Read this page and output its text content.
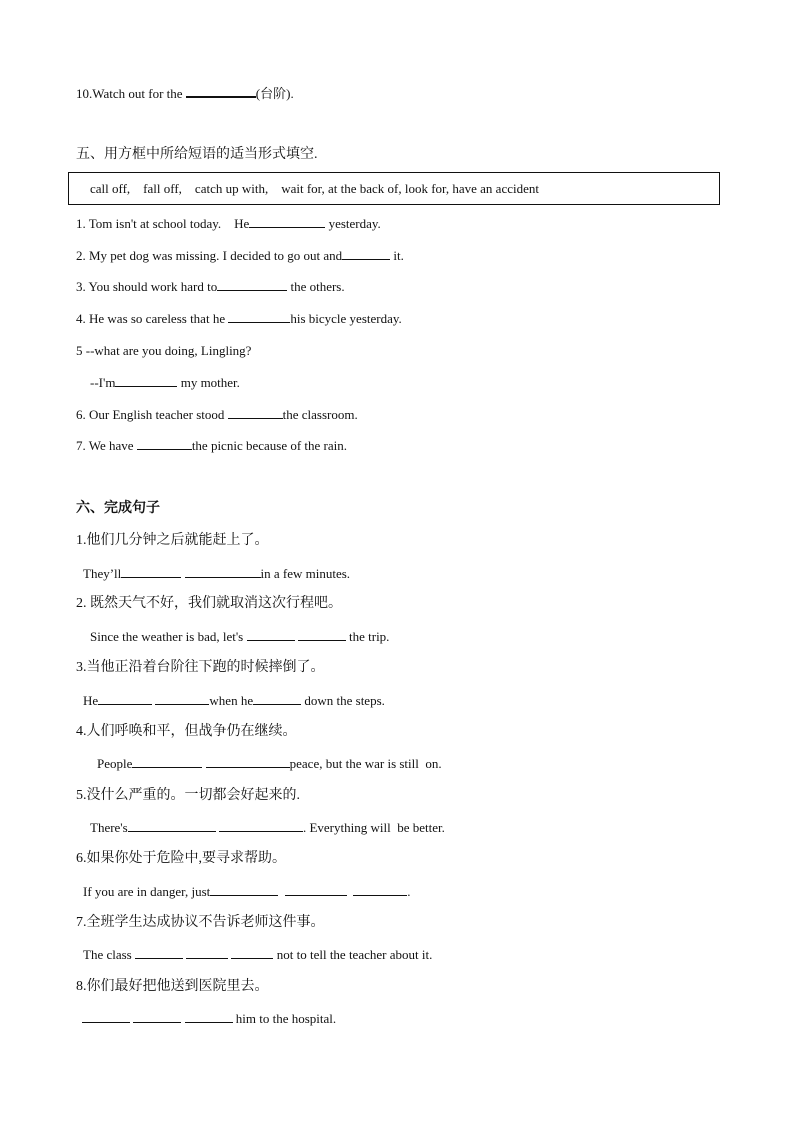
10.Watch out for the	(台阶).
五、用方框中所给短语的适当形式填空.
call off,    fall off,    catch up with,    wait for, at the back of, look for, have an accident
1. Tom isn't at school today.    He	yesterday.
2. My pet dog was missing. I decided to go out and	it.
3. You should work hard to	the others.
4. He was so careless that he	his bicycle yesterday.
5 --what are you doing, Lingling?
--I'm	my mother.
6. Our English teacher stood	the classroom.
7. We have	the picnic because of the rain.
六、完成句子
1.他们几分钟之后就能赶上了。
They’ll	in a few minutes.
2. 既然天气不好，我们就取消这次行程吧。
Since the weather is bad, let's	the trip.
3.当他正沿着台阶往下跑的时候摔倒了。
He	when he	down the steps.
4.人们呼唤和平，但战争仍在继续。
People	peace, but the war is still  on.
5.没什么严重的。一切都会好起来的.
There's	. Everything will  be better.
6.如果你处于危险中,要寻求帮助。
If you are in danger, just	.
7.全班学生达成协议不告诉老师这件事。
The class	not to tell the teacher about it.
8.你们最好把他送到医院里去。
him to the hospital.
